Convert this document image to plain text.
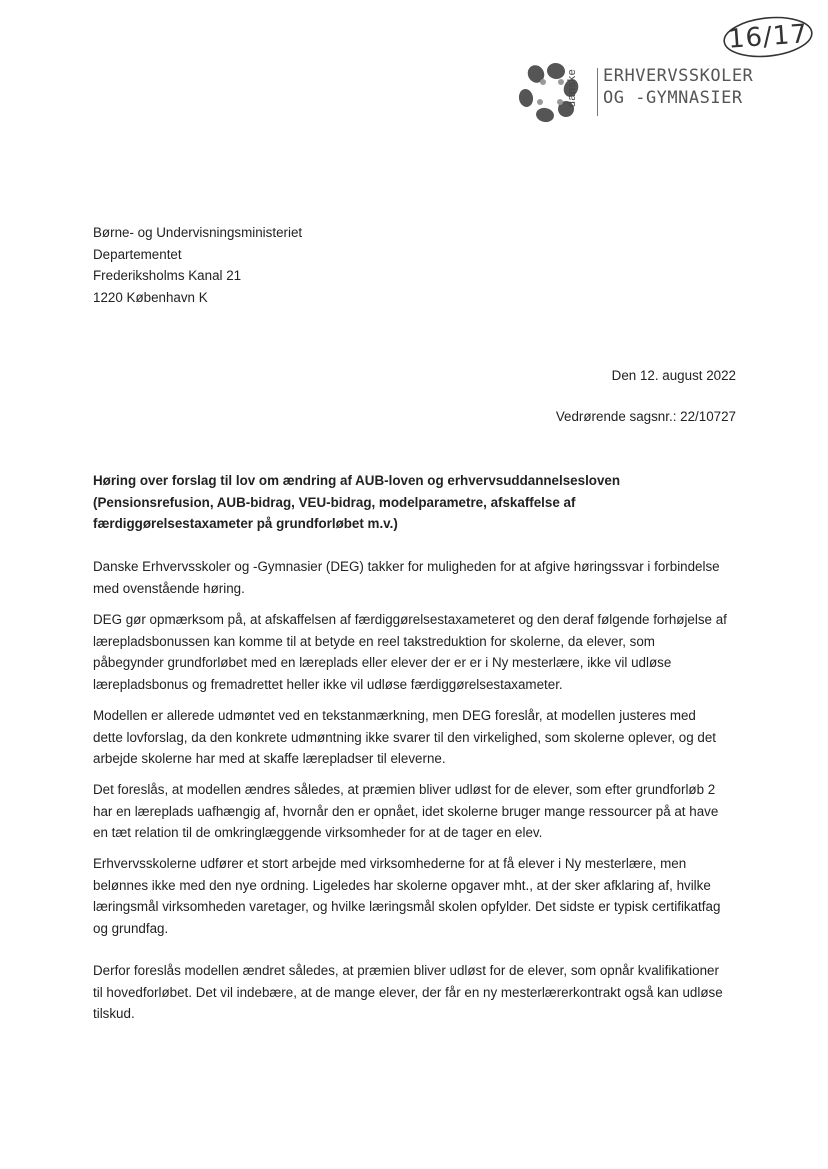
16/17
danske ERHVERVSSKOLER
OG -GYMNASIER
Børne- og Undervisningsministeriet
Departementet
Frederiksholms Kanal 21
1220 København K
Den 12. august 2022
Vedrørende sagsnr.: 22/10727
Høring over forslag til lov om ændring af AUB-loven og erhvervsuddannelsesloven
(Pensionsrefusion, AUB-bidrag, VEU-bidrag, modelparametre, afskaffelse af
færdiggørelsestaxameter på grundforløbet m.v.)
Danske Erhvervsskoler og -Gymnasier (DEG) takker for muligheden for at afgive høringssvar i forbindelse
med ovenstående høring.
DEG gør opmærksom på, at afskaffelsen af færdiggørelsestaxameteret og den deraf følgende forhøjelse af
lærepladsbonussen kan komme til at betyde en reel takstreduktion for skolerne, da elever, som
påbegynder grundforløbet med en læreplads eller elever der er er i Ny mesterlære, ikke vil udløse
lærepladsbonus og fremadrettet heller ikke vil udløse færdiggørelsestaxameter.
Modellen er allerede udmøntet ved en tekstanmærkning, men DEG foreslår, at modellen justeres med
dette lovforslag, da den konkrete udmøntning ikke svarer til den virkelighed, som skolerne oplever, og det
arbejde skolerne har med at skaffe lærepladser til eleverne.
Det foreslås, at modellen ændres således, at præmien bliver udløst for de elever, som efter grundforløb 2
har en læreplads uafhængig af, hvornår den er opnået, idet skolerne bruger mange ressourcer på at have
en tæt relation til de omkringlæggende virksomheder for at de tager en elev.
Erhvervsskolerne udfører et stort arbejde med virksomhederne for at få elever i Ny mesterlære, men
belønnes ikke med den nye ordning. Ligeledes har skolerne opgaver mht., at der sker afklaring af, hvilke
læringsmål virksomheden varetager, og hvilke læringsmål skolen opfylder. Det sidste er typisk certifikatfag
og grundfag.
Derfor foreslås modellen ændret således, at præmien bliver udløst for de elever, som opnår kvalifikationer
til hovedforløbet. Det vil indebære, at de mange elever, der får en ny mesterlærerkontrakt også kan udløse
tilskud.
